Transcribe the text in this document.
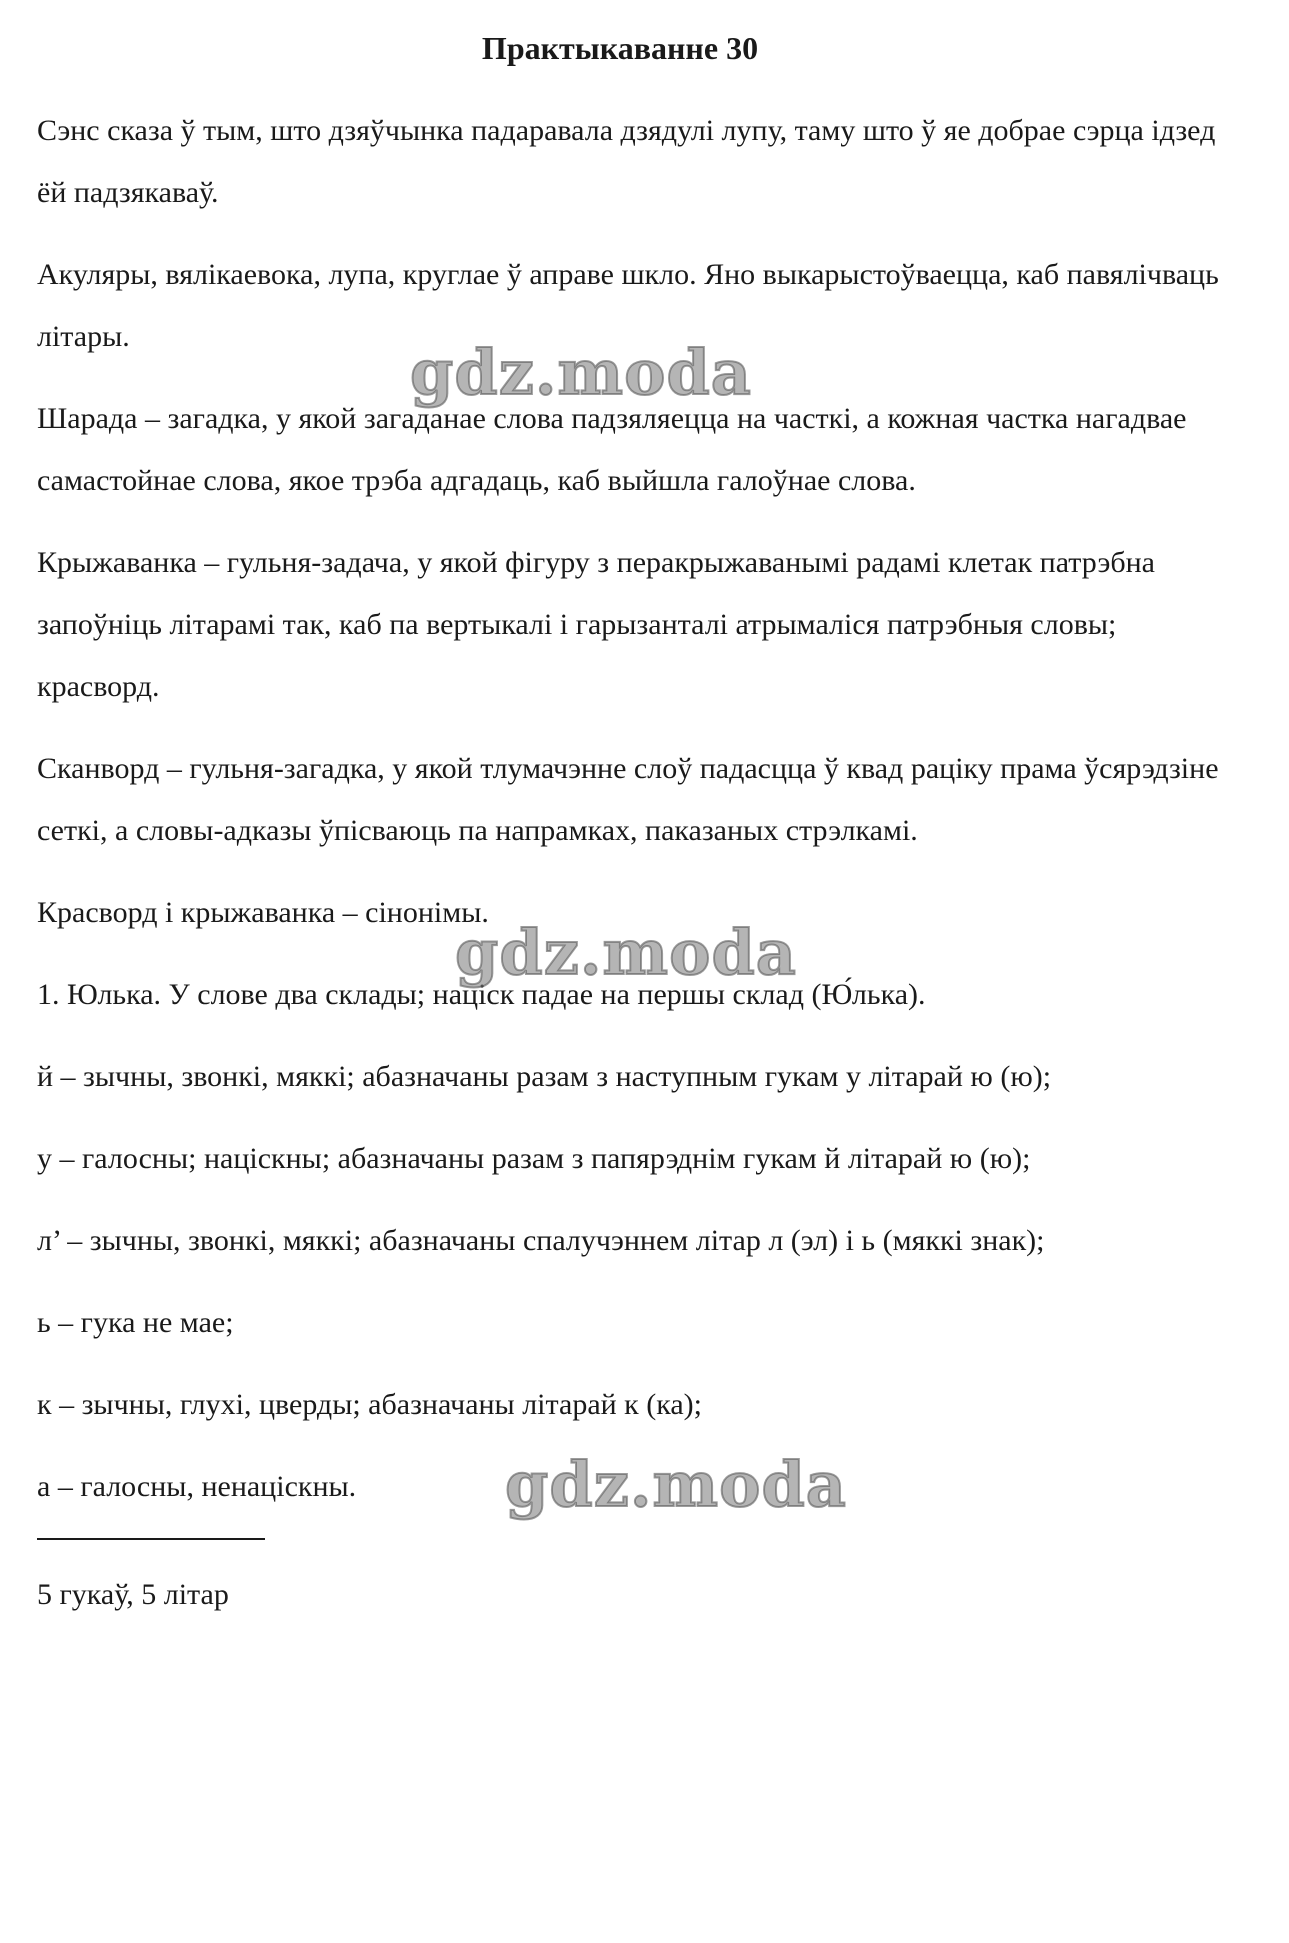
Практыкаванне 30

Сэнс сказа ў тым, што дзяўчынка падаравала дзядулі лупу, таму што ў яе добрае сэрца ідзед ёй падзякаваў.

Акуляры, вялікаевока, лупа, круглае ў аправе шкло. Яно выкарыстоўваецца, каб павялічваць літары.

Шарада – загадка, у якой загаданае слова падзяляецца на часткі, а кожная частка нагадвае самастойнае слова, якое трэба адгадаць, каб выйшла галоўнае слова.

Крыжаванка – гульня-задача, у якой фігуру з перакрыжаванымі радамі клетак патрэбна запоўніць літарамі так, каб па вертыкалі і гарызанталі атрымаліся патрэбныя словы; красворд.

Сканворд – гульня-загадка, у якой тлумачэнне слоў падасцца ў квад раціку прама ўсярэдзіне сеткі, а словы-адказы ўпісваюць па напрамках, паказаных стрэлкамі.

Красворд і крыжаванка – сінонімы.

1. Юлька. У слове два склады; націск падае на першы склад (Ю́лька).

й – зычны, звонкі, мяккі; абазначаны разам з наступным гукам у літарай ю (ю);

у – галосны; націскны; абазначаны разам з папярэднім гукам й літарай ю (ю);

л’ – зычны, звонкі, мяккі; абазначаны спалучэннем літар л (эл) і ь (мяккі знак);

ь – гука не мае;

к – зычны, глухі, цверды; абазначаны літарай к (ка);

а – галосны, ненацiскны.

5 гукаў, 5 літар

gdz.moda
gdz.moda
gdz.moda
